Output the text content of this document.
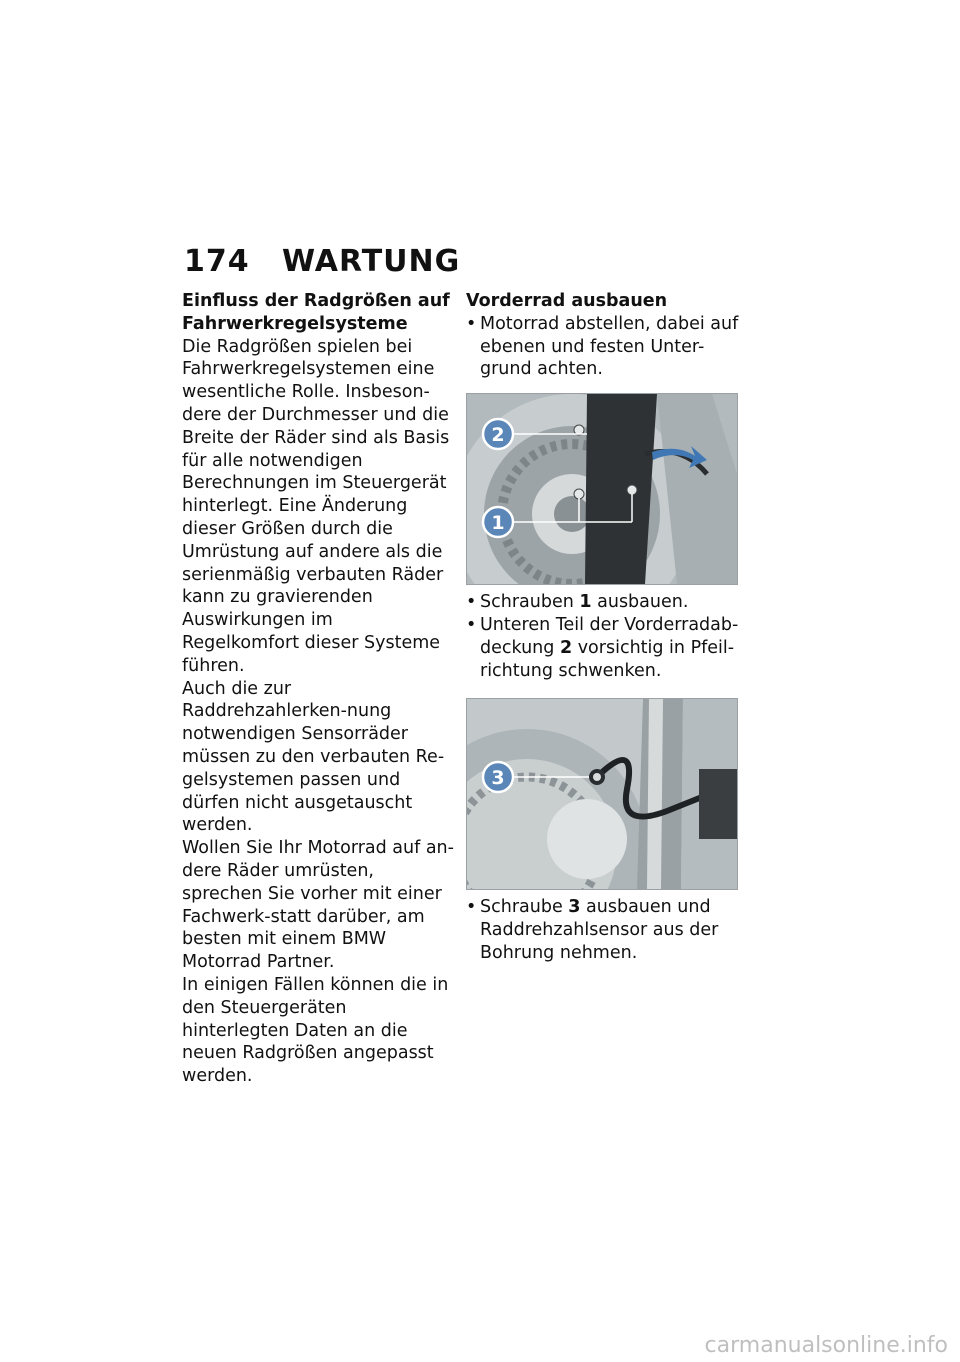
174 WARTUNG
Einfluss der Radgrößen auf Fahrwerkregelsysteme

Die Radgrößen spielen bei Fahrwerkregelsystemen eine wesentliche Rolle. Insbeson-dere der Durchmesser und die Breite der Räder sind als Basis für alle notwendigen Berechnungen im Steuergerät hinterlegt. Eine Änderung dieser Größen durch die Umrüstung auf andere als die serienmäßig verbauten Räder kann zu gravierenden Auswirkungen im Regelkomfort dieser Systeme führen.

Auch die zur Raddrehzahlerken-nung notwendigen Sensorräder müssen zu den verbauten Re-gelsystemen passen und dürfen nicht ausgetauscht werden.

Wollen Sie Ihr Motorrad auf an-dere Räder umrüsten, sprechen Sie vorher mit einer Fachwerk-statt darüber, am besten mit einem BMW Motorrad Partner.

In einigen Fällen können die in den Steuergeräten hinterlegten Daten an die neuen Radgrößen angepasst werden.

Vorderrad ausbauen
• Motorrad abstellen, dabei auf ebenen und festen Unter-grund achten.
2
1
• Schrauben 1 ausbauen.
• Unteren Teil der Vorderradab-deckung 2 vorsichtig in Pfeil-richtung schwenken.
3
• Schraube 3 ausbauen und Raddrehzahlsensor aus der Bohrung nehmen.
carmanualsonline.info
